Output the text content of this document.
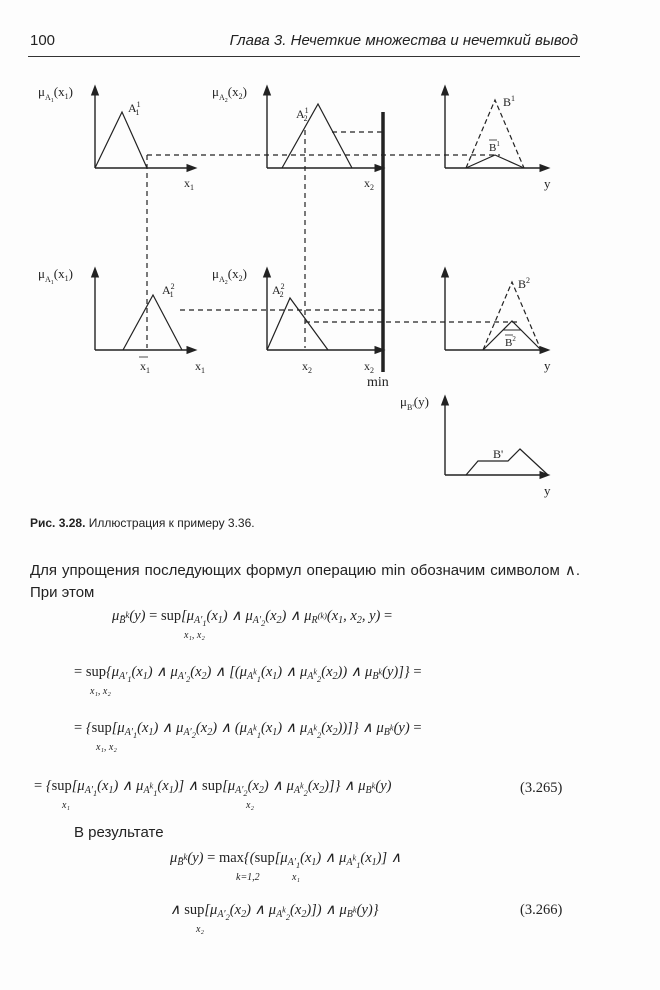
100	Глава 3. Нечеткие множества и нечеткий вывод
$\mu_A1(x_1)$
$A^1$ 1
$x_1$
$\mu_A2(x_2)$
$A^1$ 2
$x_2$
$B^1$
$B^1$
y
$\mu_A1(x_1)$
$A^2$ 1
$x_1$	$x_1$
$\mu_A2(x_2)$
$A^2$ 2
$x_2$	$x_2$
$B^2$
$B^2$
y
min
$\mu_{B'}(y)$
B'
y
Рис. 3.28. Иллюстрация к примеру 3.36.
Для упрощения последующих формул операцию min обозначим символом ∧. При этом
$\mu_{B̄k}(y) = sup[\mu_{A'_1}(x_1)$ ∧ $\mu_{A'_2}(x_2)$ ∧ $\mu_{R^{(k)}}(x_1$, $x_2$, y) =
x₁, x₂
= $sup\{\mu_{A'_1}(x_1)$ ∧ $\mu_{A'_2}(x_2)$ ∧ [($\mu_{A^k_1}(x_1)$ ∧ $\mu_{A^k_2}(x_2)$) ∧ $\mu_{B^k}(y)$]} =
x₁, x₂
= {$sup[\mu_{A'_1}(x_1)$ ∧ $\mu_{A'_2}(x_2)$ ∧ ($\mu_{A^k_1}(x_1)$ ∧ $\mu_{A^k_2}(x_2)$)]} ∧ $\mu_{B^k}(y)$ =
x₁, x₂
= {$sup[\mu_{A'_1}(x_1)$ ∧ $\mu_{A^k_1}(x_1)$] ∧ $sup[\mu_{A'_2}(x_2)$ ∧ $\mu_{A^k_2}(x_2)$]} ∧ $\mu_{B^k}(y)$
x₁	x₂
(3.265)
В результате
$\mu_{B̄k}(y) = \max\{(sup[\mu_{A'_1}(x_1)$ ∧ $\mu_{A^k_1}(x_1)$] ∧
k=1,2	x₁
∧ $sup[\mu_{A'_2}(x_2)$ ∧ $\mu_{A^k_2}(x_2)$]) ∧ $\mu_{B^k}(y)$}
x₂
(3.266)
